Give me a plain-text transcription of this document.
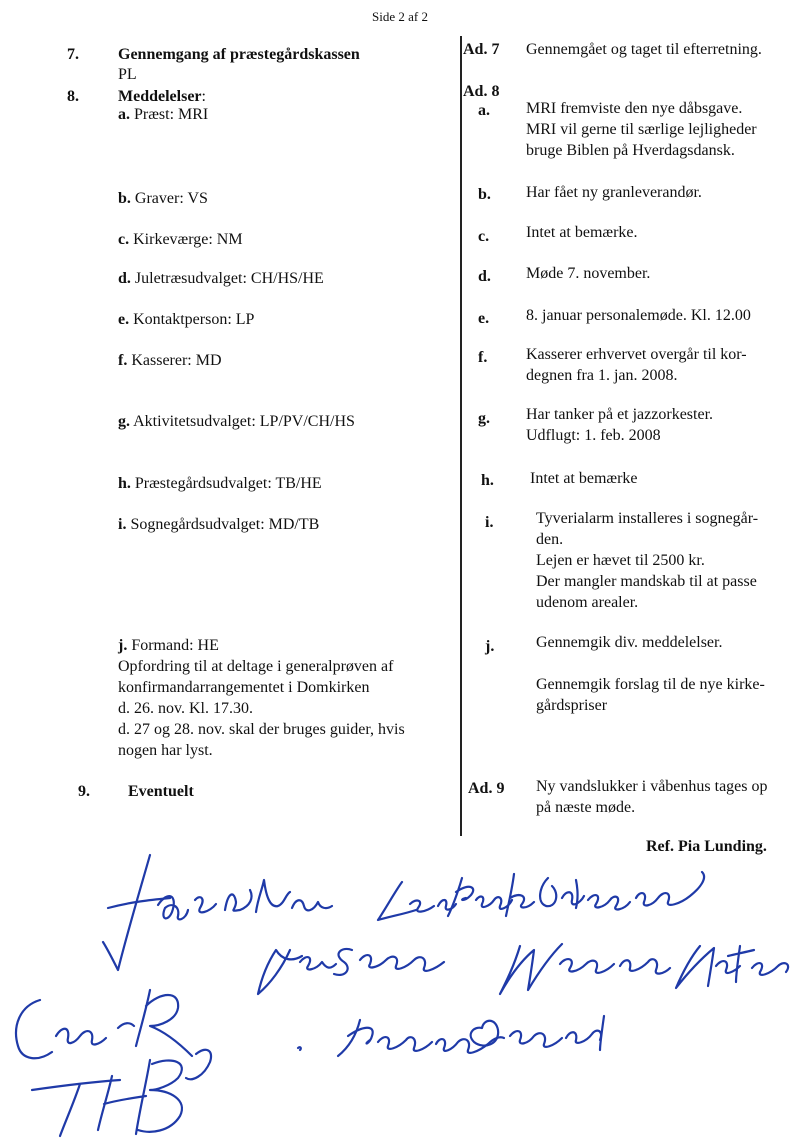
Side 2 af 2
7. Gennemgang af præstegårdskassen
PL
8. Meddelelser:
a. Præst: MRI
b. Graver: VS
c. Kirkeværge: NM
d. Juletræsudvalget: CH/HS/HE
e. Kontaktperson: LP
f. Kasserer: MD
g. Aktivitetsudvalget: LP/PV/CH/HS
h. Præstegårdsudvalget: TB/HE
i. Sognegårdsudvalget: MD/TB
j. Formand: HE
Opfordring til at deltage i generalprøven af
konfirmandarrangementet i Domkirken
d. 26. nov. Kl. 17.30.
d. 27 og 28. nov. skal der bruges guider, hvis
nogen har lyst.
9. Eventuelt
Ad. 7 Gennemgået og taget til efterretning.
Ad. 8
a. MRI fremviste den nye dåbsgave.
MRI vil gerne til særlige lejligheder
bruge Biblen på Hverdagsdansk.
b. Har fået ny granleverandør.
c. Intet at bemærke.
d. Møde 7. november.
e. 8. januar personalemøde. Kl. 12.00
f. Kasserer erhvervet overgår til kor-
degnen fra 1. jan. 2008.
g. Har tanker på et jazzorkester.
Udflugt: 1. feb. 2008
h. Intet at bemærke
i.	Tyverialarm installeres i sognegår-
den.
Lejen er hævet til 2500 kr.
Der mangler mandskab til at passe
udenom arealer.
j.	Gennemgik div. meddelelser.
Gennemgik forslag til de nye kirke-
gårdspriser
Ad. 9 Ny vandslukker i våbenhus tages op
på næste møde.
Ref. Pia Lunding.
